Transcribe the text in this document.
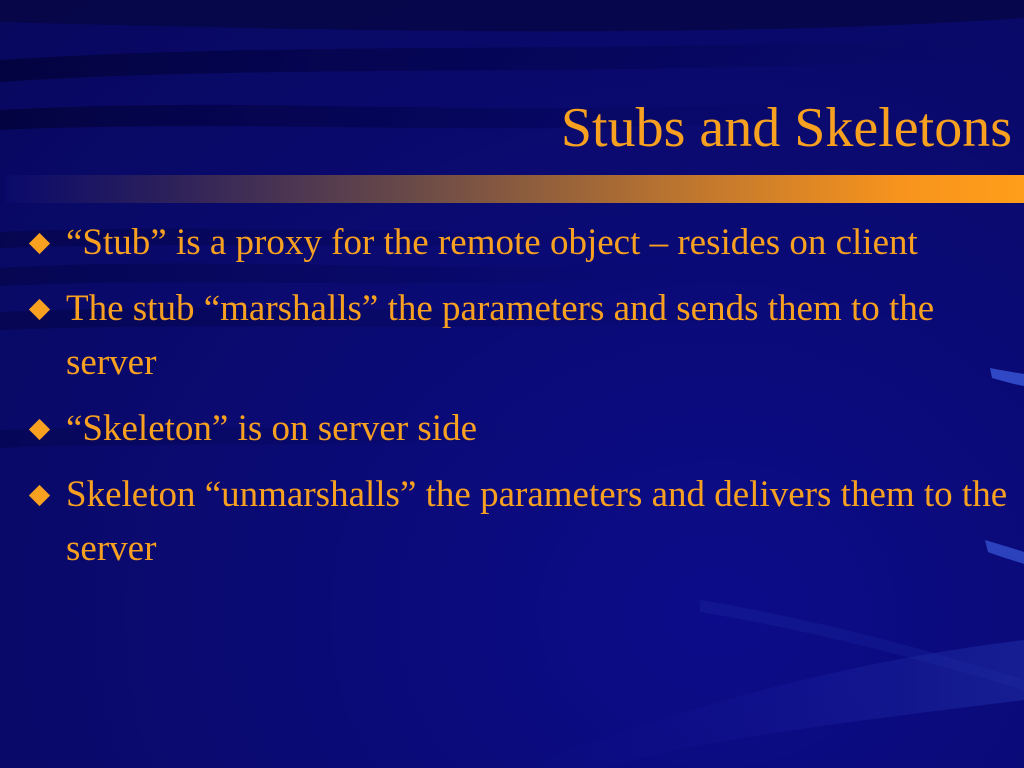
Stubs and Skeletons
“Stub” is a proxy for the remote object – resides on client
The stub “marshalls” the parameters and sends them to the server
“Skeleton” is on server side
Skeleton “unmarshalls” the parameters and delivers them to the server
